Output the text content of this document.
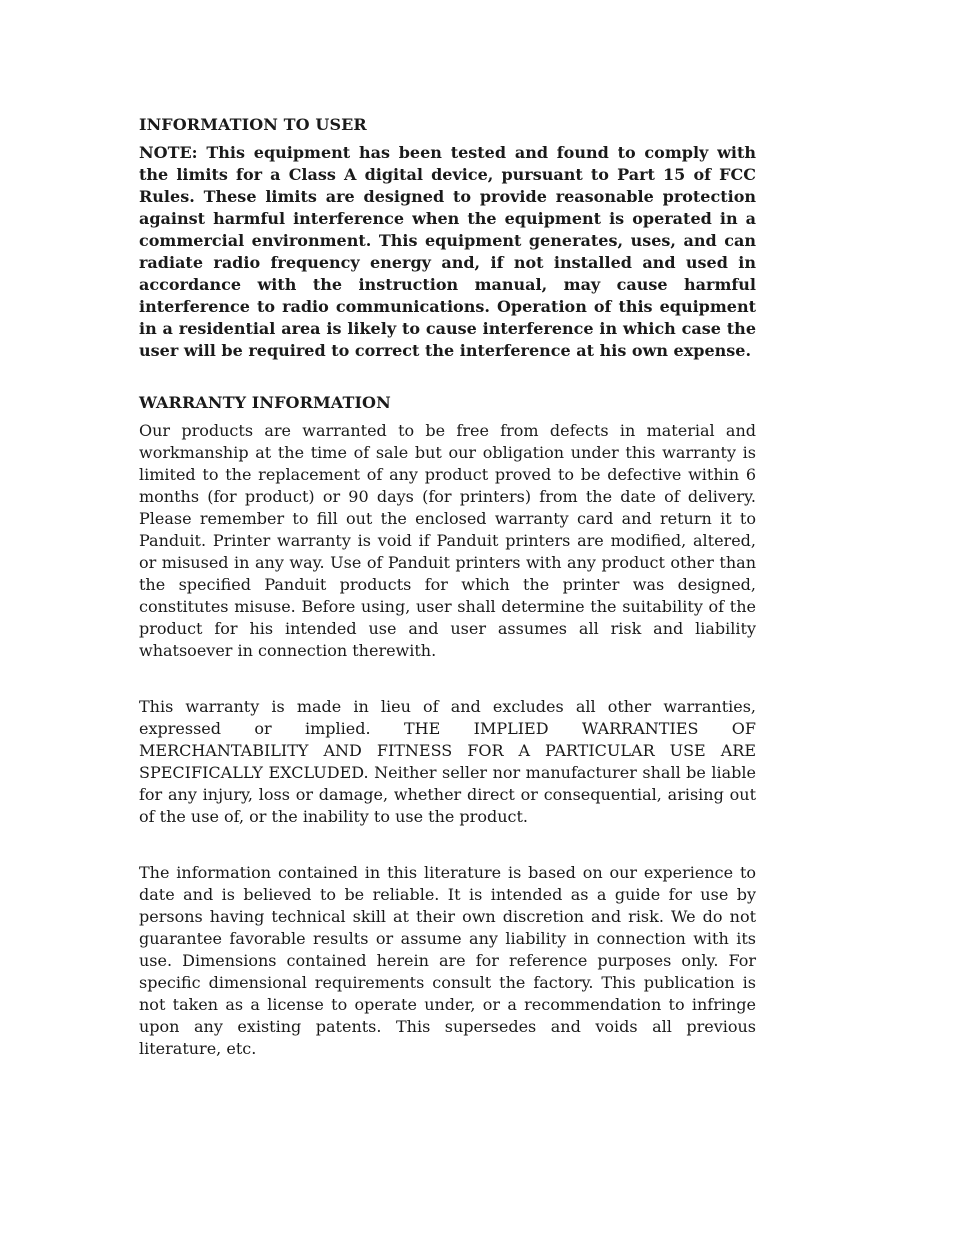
INFORMATION TO USER

NOTE: This equipment has been tested and found to comply with the limits for a Class A digital device, pursuant to Part 15 of FCC Rules. These limits are designed to provide reasonable protection against harmful interference when the equipment is operated in a commercial environment. This equipment generates, uses, and can radiate radio frequency energy and, if not installed and used in accordance with the instruction manual, may cause harmful interference to radio communications. Operation of this equipment in a residential area is likely to cause interference in which case the user will be required to correct the interference at his own expense.

WARRANTY INFORMATION

Our products are warranted to be free from defects in material and workmanship at the time of sale but our obligation under this warranty is limited to the replacement of any product proved to be defective within 6 months (for product) or 90 days (for printers) from the date of delivery. Please remember to fill out the enclosed warranty card and return it to Panduit. Printer warranty is void if Panduit printers are modified, altered, or misused in any way. Use of Panduit printers with any product other than the specified Panduit products for which the printer was designed, constitutes misuse. Before using, user shall determine the suitability of the product for his intended use and user assumes all risk and liability whatsoever in connection therewith.

This warranty is made in lieu of and excludes all other warranties, expressed or implied. THE IMPLIED WARRANTIES OF MERCHANTABILITY AND FITNESS FOR A PARTICULAR USE ARE SPECIFICALLY EXCLUDED. Neither seller nor manufacturer shall be liable for any injury, loss or damage, whether direct or consequential, arising out of the use of, or the inability to use the product.

The information contained in this literature is based on our experience to date and is believed to be reliable. It is intended as a guide for use by persons having technical skill at their own discretion and risk. We do not guarantee favorable results or assume any liability in connection with its use. Dimensions contained herein are for reference purposes only. For specific dimensional requirements consult the factory. This publication is not taken as a license to operate under, or a recommendation to infringe upon any existing patents. This supersedes and voids all previous literature, etc.
